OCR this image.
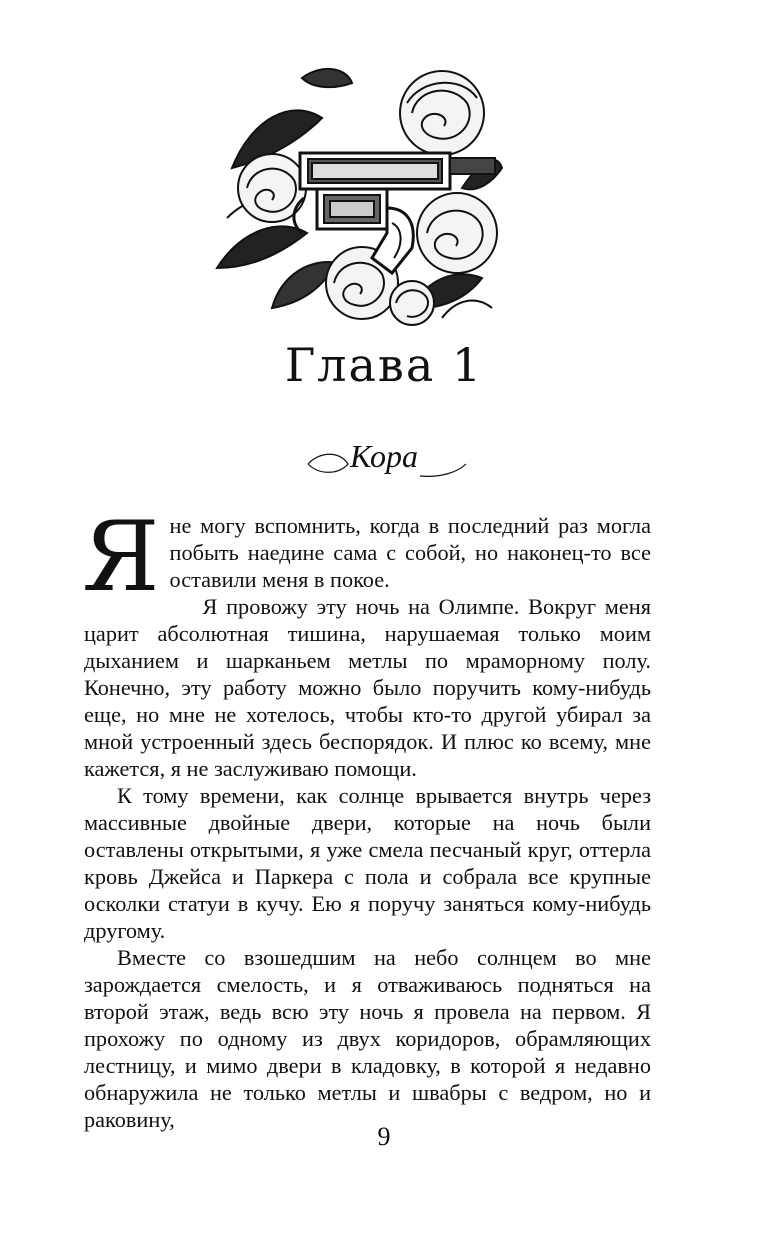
Глава 1
Кора

Я не могу вспомнить, когда в последний раз могла побыть наедине сама с собой, но наконец-то все оставили меня в покое.

Я провожу эту ночь на Олимпе. Вокруг меня царит абсолютная тишина, нарушаемая только моим дыханием и шарканьем метлы по мраморному полу. Конечно, эту работу можно было поручить кому-нибудь еще, но мне не хотелось, чтобы кто-то другой убирал за мной устроенный здесь беспорядок. И плюс ко всему, мне кажется, я не заслуживаю помощи.

К тому времени, как солнце врывается внутрь через массивные двойные двери, которые на ночь были оставлены открытыми, я уже смела песчаный круг, оттерла кровь Джейса и Паркера с пола и собрала все крупные осколки статуи в кучу. Ею я поручу заняться кому-нибудь другому.

Вместе со взошедшим на небо солнцем во мне зарождается смелость, и я отваживаюсь подняться на второй этаж, ведь всю эту ночь я провела на первом. Я прохожу по одному из двух коридоров, обрамляющих лестницу, и мимо двери в кладовку, в которой я недавно обнаружила не только метлы и швабры с ведром, но и раковину,

9
